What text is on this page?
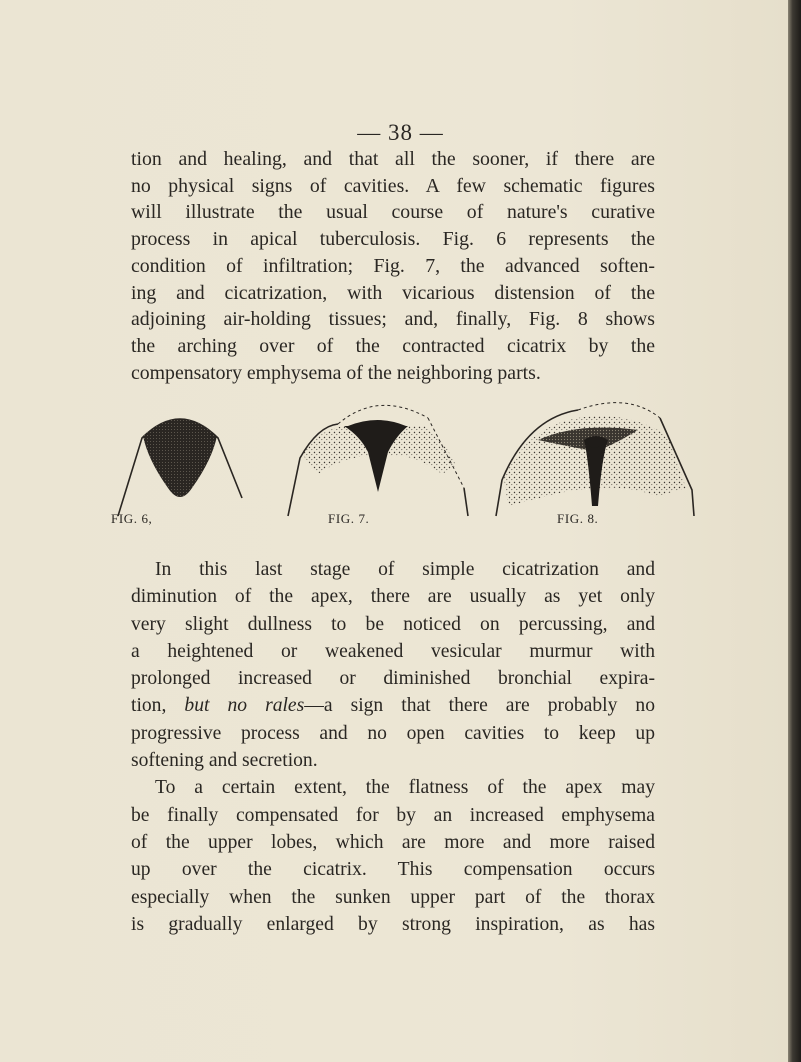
— 38 —

tion and healing, and that all the sooner, if there are
no physical signs of cavities. A few schematic figures
will illustrate the usual course of nature's curative
process in apical tuberculosis. Fig. 6 represents the
condition of infiltration; Fig. 7, the advanced soften-
ing and cicatrization, with vicarious distension of the
adjoining air-holding tissues; and, finally, Fig. 8 shows
the arching over of the contracted cicatrix by the
compensatory emphysema of the neighboring parts.

FIG. 6,	FIG. 7.	FIG. 8.

In this last stage of simple cicatrization and
diminution of the apex, there are usually as yet only
very slight dullness to be noticed on percussing, and
a heightened or weakened vesicular murmur with
prolonged increased or diminished bronchial expira-
tion, but no rales—a sign that there are probably no
progressive process and no open cavities to keep up
softening and secretion.
To a certain extent, the flatness of the apex may
be finally compensated for by an increased emphysema
of the upper lobes, which are more and more raised
up over the cicatrix. This compensation occurs
especially when the sunken upper part of the thorax
is gradually enlarged by strong inspiration, as has
